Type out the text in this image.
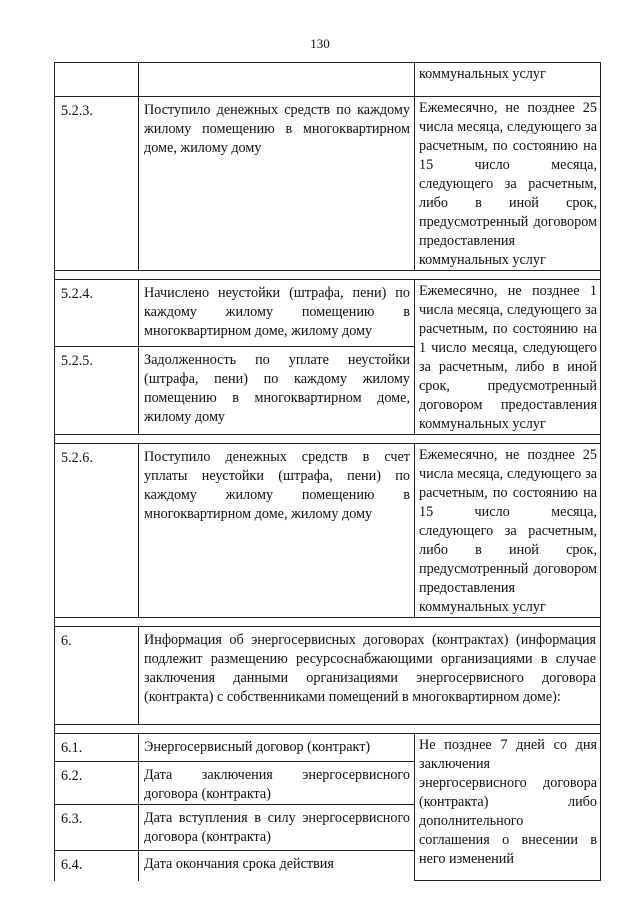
130
		коммунальных услуг
5.2.3.	Поступило денежных средств по каждому жилому помещению в многоквартирном доме, жилому дому	Ежемесячно, не позднее 25 числа месяца, следующего за расчетным, по состоянию на 15 число месяца, следующего за расчетным, либо в иной срок, предусмотренный договором предоставления коммунальных услуг

5.2.4.	Начислено неустойки (штрафа, пени) по каждому жилому помещению в многоквартирном доме, жилому дому	Ежемесячно, не позднее 1 числа месяца, следующего за расчетным, по состоянию на 1 число месяца, следующего за расчетным, либо в иной срок, предусмотренный договором предоставления коммунальных услуг
5.2.5.	Задолженность по уплате неустойки (штрафа, пени) по каждому жилому помещению в многоквартирном доме, жилому дому	

5.2.6.	Поступило денежных средств в счет уплаты неустойки (штрафа, пени) по каждому жилому помещению в многоквартирном доме, жилому дому	Ежемесячно, не позднее 25 числа месяца, следующего за расчетным, по состоянию на 15 число месяца, следующего за расчетным, либо в иной срок, предусмотренный договором предоставления коммунальных услуг

6.	Информация об энергосервисных договорах (контрактах) (информация подлежит размещению ресурсоснабжающими организациями в случае заключения данными организациями энергосервисного договора (контракта) с собственниками помещений в многоквартирном доме):	

6.1.	Энергосервисный договор (контракт)	Не позднее 7 дней со дня заключения энергосервисного договора (контракта) либо дополнительного соглашения о внесении в него изменений
6.2.	Дата заключения энергосервисного договора (контракта)	
6.3.	Дата вступления в силу энергосервисного договора (контракта)	
6.4.	Дата окончания срока действия	
